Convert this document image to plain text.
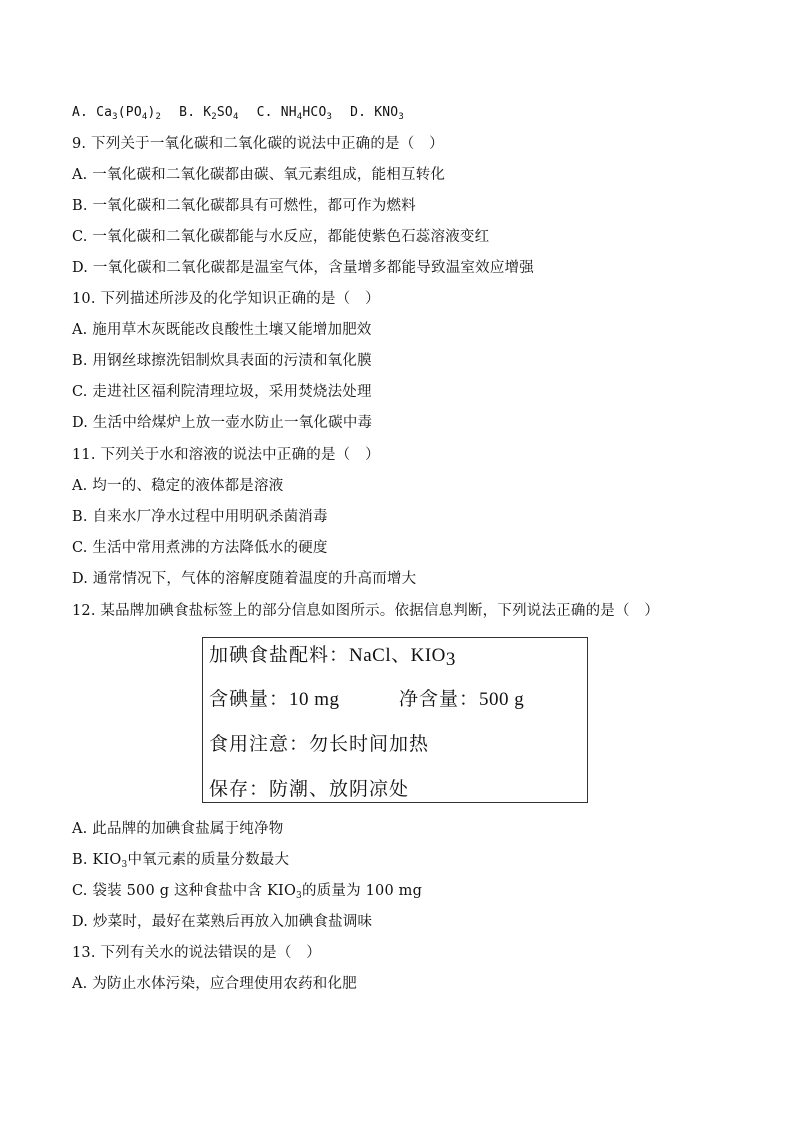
A. $Ca_3(PO_4)_2$ B. $K_2SO_4$ C. $NH_4HCO_3$ D. $KNO_3$
9. 下列关于一氧化碳和二氧化碳的说法中正确的是（　）
A. 一氧化碳和二氧化碳都由碳、氧元素组成，能相互转化
B. 一氧化碳和二氧化碳都具有可燃性，都可作为燃料
C. 一氧化碳和二氧化碳都能与水反应，都能使紫色石蕊溶液变红
D. 一氧化碳和二氧化碳都是温室气体，含量增多都能导致温室效应增强
10. 下列描述所涉及的化学知识正确的是（　）
A. 施用草木灰既能改良酸性土壤又能增加肥效
B. 用钢丝球擦洗铝制炊具表面的污渍和氧化膜
C. 走进社区福利院清理垃圾，采用焚烧法处理
D. 生活中给煤炉上放一壶水防止一氧化碳中毒
11. 下列关于水和溶液的说法中正确的是（　）
A. 均一的、稳定的液体都是溶液
B. 自来水厂净水过程中用明矾杀菌消毒
C. 生活中常用煮沸的方法降低水的硬度
D. 通常情况下，气体的溶解度随着温度的升高而增大
12. 某品牌加碘食盐标签上的部分信息如图所示。依据信息判断，下列说法正确的是（　）
加碘食盐配料：NaCl、$KIO_3$
含碘量：10 mg	净含量：500 g
食用注意：勿长时间加热
保存：防潮、放阴凉处
A. 此品牌的加碘食盐属于纯净物
B. $KIO_3$中氧元素的质量分数最大
C. 袋装 500 g 这种食盐中含 $KIO_3$的质量为 100 mg
D. 炒菜时，最好在菜熟后再放入加碘食盐调味
13. 下列有关水的说法错误的是（　）
A. 为防止水体污染，应合理使用农药和化肥
